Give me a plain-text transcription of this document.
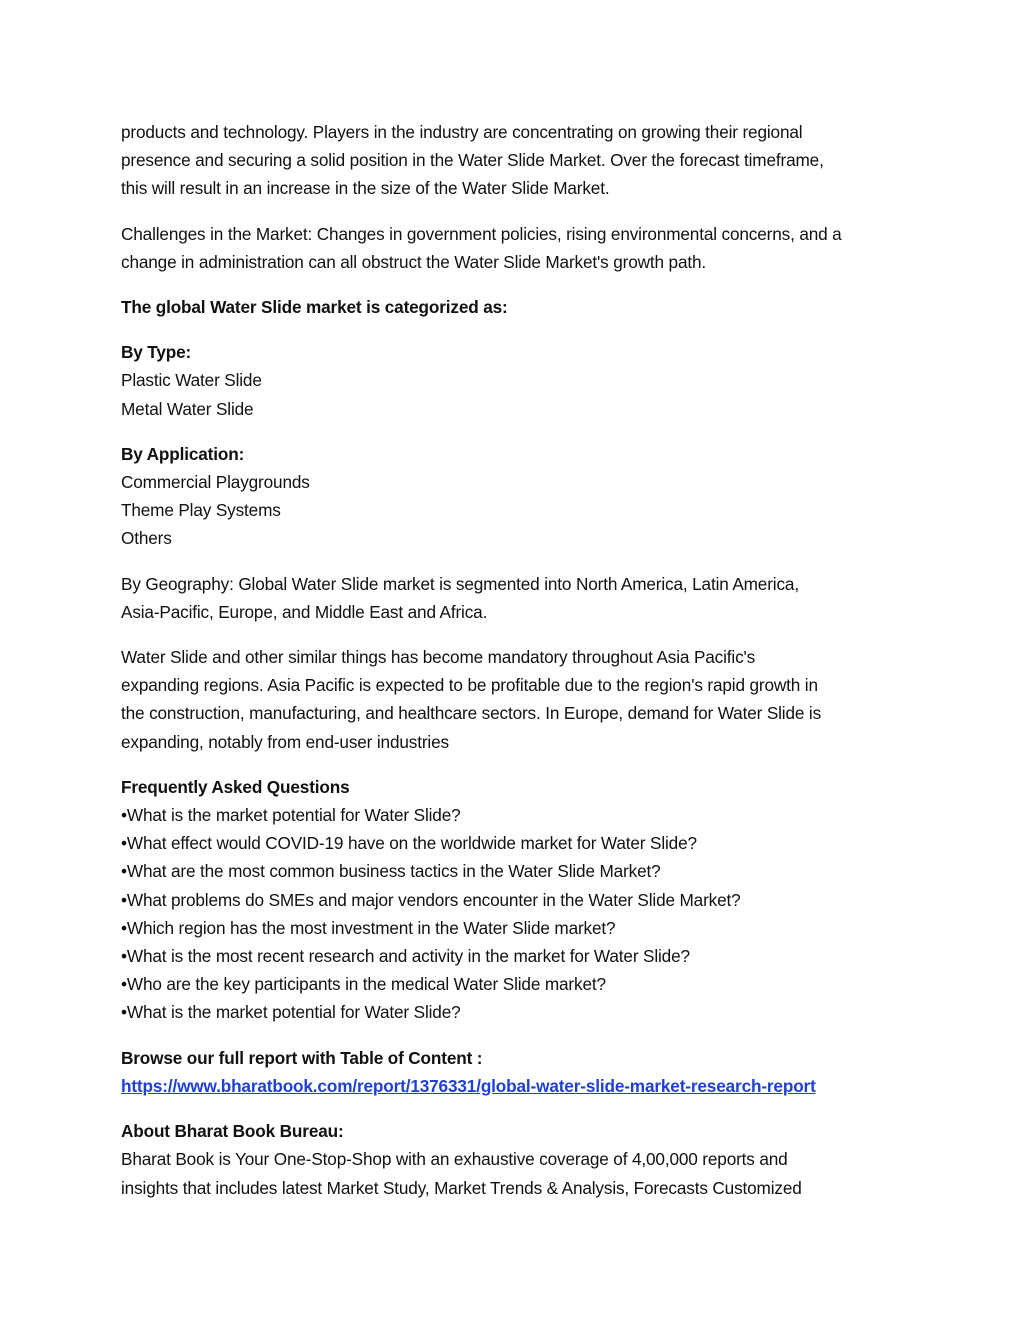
products and technology. Players in the industry are concentrating on growing their regional
presence and securing a solid position in the Water Slide Market. Over the forecast timeframe,
this will result in an increase in the size of the Water Slide Market.
Challenges in the Market: Changes in government policies, rising environmental concerns, and a
change in administration can all obstruct the Water Slide Market's growth path.
The global Water Slide market is categorized as:
By Type:
Plastic Water Slide
Metal Water Slide
By Application:
Commercial Playgrounds
Theme Play Systems
Others
By Geography: Global Water Slide market is segmented into North America, Latin America,
Asia-Pacific, Europe, and Middle East and Africa.
Water Slide and other similar things has become mandatory throughout Asia Pacific's
expanding regions. Asia Pacific is expected to be profitable due to the region's rapid growth in
the construction, manufacturing, and healthcare sectors. In Europe, demand for Water Slide is
expanding, notably from end-user industries
Frequently Asked Questions
•What is the market potential for Water Slide?
•What effect would COVID-19 have on the worldwide market for Water Slide?
•What are the most common business tactics in the Water Slide Market?
•What problems do SMEs and major vendors encounter in the Water Slide Market?
•Which region has the most investment in the Water Slide market?
•What is the most recent research and activity in the market for Water Slide?
•Who are the key participants in the medical Water Slide market?
•What is the market potential for Water Slide?
Browse our full report with Table of Content :
https://www.bharatbook.com/report/1376331/global-water-slide-market-research-report
About Bharat Book Bureau:
Bharat Book is Your One-Stop-Shop with an exhaustive coverage of 4,00,000 reports and
insights that includes latest Market Study, Market Trends & Analysis, Forecasts Customized
